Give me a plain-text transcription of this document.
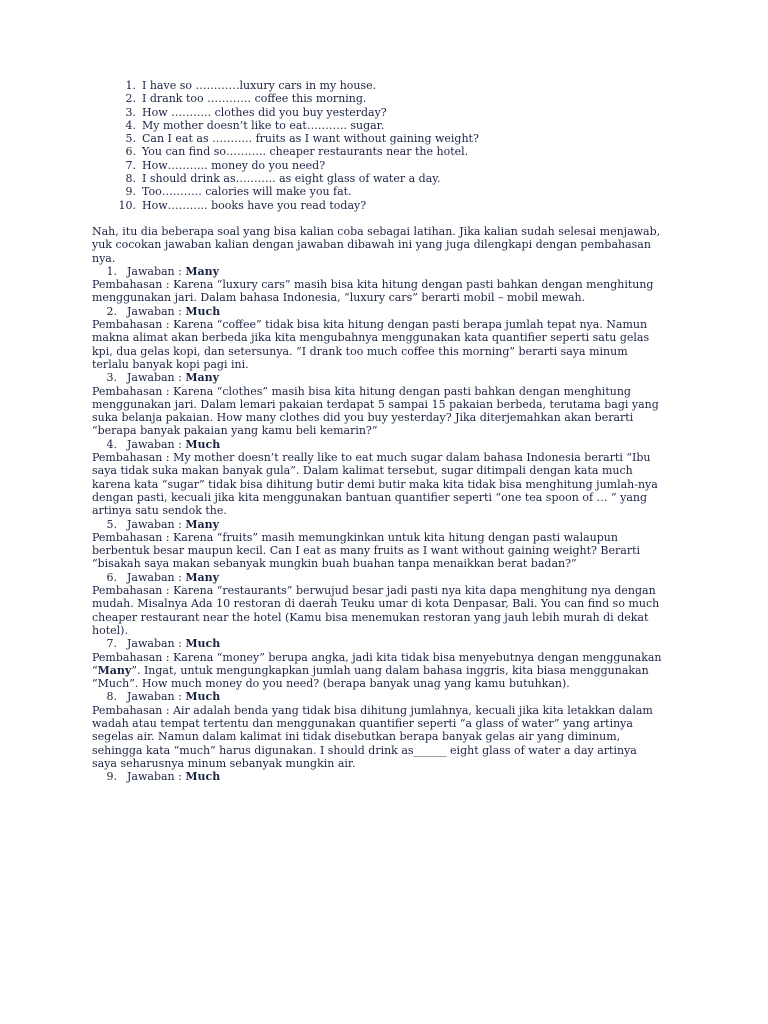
1. I have so …………luxury cars in my house.
2. I drank too ………… coffee this morning.
3. How ……….. clothes did you buy yesterday?
4. My mother doesn’t like to eat……….. sugar.
5. Can I eat as ……….. fruits as I want without gaining weight?
6. You can find so……….. cheaper restaurants near the hotel.
7. How……….. money do you need?
8. I should drink as……….. as eight glass of water a day.
9. Too……….. calories will make you fat.
10. How……….. books have you read today?

Nah, itu dia beberapa soal yang bisa kalian coba sebagai latihan. Jika kalian sudah selesai menjawab, yuk cocokan jawaban kalian dengan jawaban dibawah ini yang juga dilengkapi dengan pembahasan nya.

1. Jawaban :
Many

Pembahasan : Karena “luxury cars” masih bisa kita hitung dengan pasti bahkan dengan menghitung menggunakan jari. Dalam bahasa Indonesia, “luxury cars” berarti mobil – mobil mewah.

2. Jawaban :
Much

Pembahasan : Karena “coffee” tidak bisa kita hitung dengan pasti berapa jumlah tepat nya. Namun makna alimat akan berbeda jika kita mengubahnya menggunakan kata quantifier seperti satu gelas kpi, dua gelas kopi, dan setersunya. “I drank too much coffee this morning” berarti saya minum terlalu banyak kopi pagi ini.

3. Jawaban :
Many

Pembahasan : Karena “clothes” masih bisa kita hitung dengan pasti bahkan dengan menghitung menggunakan jari. Dalam lemari pakaian terdapat 5 sampai 15 pakaian berbeda, terutama bagi yang suka belanja pakaian. How many clothes did you buy yesterday? Jika diterjemahkan akan berarti “berapa banyak pakaian yang kamu beli kemarin?”

4. Jawaban :
Much

Pembahasan : My mother doesn’t really like to eat much sugar dalam bahasa Indonesia berarti “Ibu saya tidak suka makan banyak gula”. Dalam kalimat tersebut, sugar ditimpali dengan kata much karena kata “sugar” tidak bisa dihitung butir demi butir maka kita tidak bisa menghitung jumlah-nya dengan pasti, kecuali jika kita menggunakan bantuan quantifier seperti “one tea spoon of … ” yang artinya satu sendok the.

5. Jawaban :
Many

Pembahasan : Karena “fruits” masih memungkinkan untuk kita hitung dengan pasti walaupun berbentuk besar maupun kecil. Can I eat as many fruits as I want without gaining weight? Berarti “bisakah saya makan sebanyak mungkin buah buahan tanpa menaikkan berat badan?”

6. Jawaban :
Many

Pembahasan : Karena “restaurants” berwujud besar jadi pasti nya kita dapa menghitung nya dengan mudah. Misalnya Ada 10 restoran di daerah Teuku umar di kota Denpasar, Bali. You can find so much cheaper restaurant near the hotel (Kamu bisa menemukan restoran yang jauh lebih murah di dekat hotel).

7. Jawaban :
Much

Pembahasan : Karena “money” berupa angka, jadi kita tidak bisa menyebutnya dengan menggunakan “Many”. Ingat, untuk mengungkapkan jumlah uang dalam bahasa inggris, kita biasa menggunakan “Much”. How much money do you need? (berapa banyak unag yang kamu butuhkan).

8. Jawaban :
Much

Pembahasan : Air adalah benda yang tidak bisa dihitung jumlahnya, kecuali jika kita letakkan dalam wadah atau tempat tertentu dan menggunakan quantifier seperti “a glass of water” yang artinya segelas air. Namun dalam kalimat ini tidak disebutkan berapa banyak gelas air yang diminum, sehingga kata “much” harus digunakan. I should drink as______ eight glass of water a day artinya saya seharusnya minum sebanyak mungkin air.

9. Jawaban :
Much
